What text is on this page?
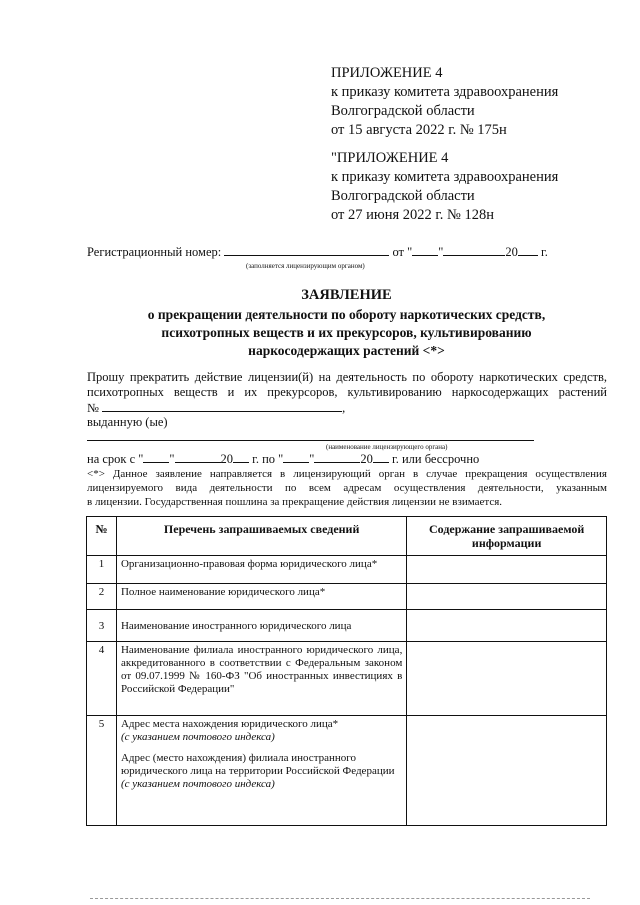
ПРИЛОЖЕНИЕ 4
к приказу комитета здравоохранения
Волгоградской области
от 15 августа 2022 г. № 175н
"ПРИЛОЖЕНИЕ 4
к приказу комитета здравоохранения
Волгоградской области
от 27 июня 2022 г. № 128н
Регистрационный номер:	от " "	20 г.
(заполняется лицензирующим органом)
ЗАЯВЛЕНИЕ
о прекращении деятельности по обороту наркотических средств,
психотропных веществ и их прекурсоров, культивированию
наркосодержащих растений <*>
Прошу прекратить действие лицензии(й) на деятельность по обороту наркотических средств,
психотропных веществ и их прекурсоров, культивированию наркосодержащих растений
№	,
выданную (ые)
(наименование лицензирующего органа)
на срок с " "	20 г. по " "	20 г. или бессрочно
<*> Данное заявление направляется в лицензирующий орган в случае прекращения осуществления
лицензируемого вида деятельности по всем адресам осуществления деятельности, указанным
в лицензии. Государственная пошлина за прекращение действия лицензии не взимается.
№	Перечень запрашиваемых сведений	Содержание запрашиваемой информации
1	Организационно-правовая форма юридического лица*	
2	Полное наименование юридического лица*	
3	Наименование иностранного юридического лица	
4	Наименование филиала иностранного юридического лица, аккредитованного в соответствии с Федеральным законом от 09.07.1999 № 160-ФЗ "Об иностранных инвестициях в Российской Федерации"	
5	Адрес места нахождения юридического лица*
(с указанием почтового индекса)
Адрес (место нахождения) филиала иностранного юридического лица на территории Российской Федерации
(с указанием почтового индекса)	
